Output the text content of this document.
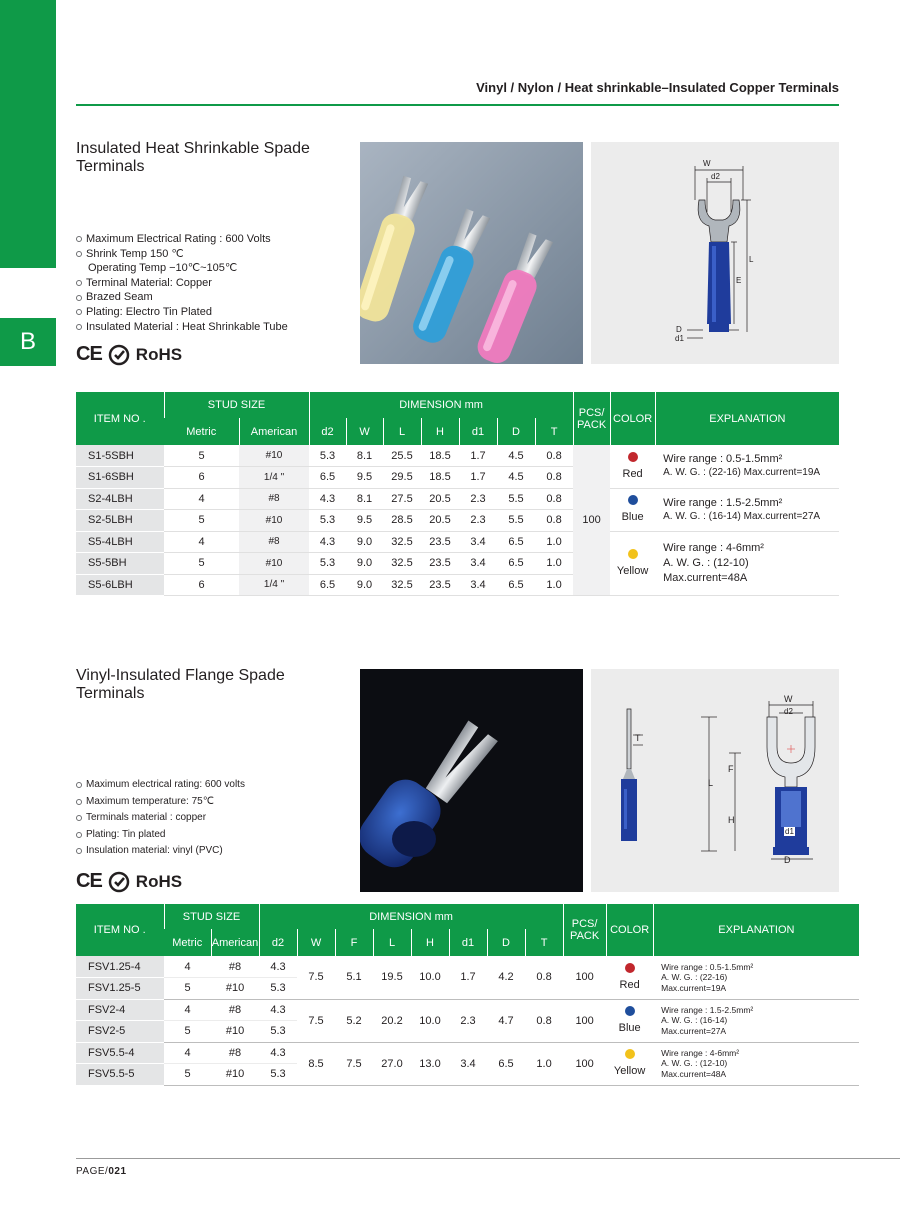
B
Vinyl / Nylon / Heat shrinkable–Insulated Copper Terminals
Insulated Heat Shrinkable Spade Terminals
Maximum Electrical Rating : 600 Volts
Shrink Temp 150 ℃
Operating Temp −10℃~105℃
Terminal Material: Copper
Brazed Seam
Plating: Electro Tin Plated
Insulated Material : Heat Shrinkable Tube
CE RoHS
W
d2
L
E
D
d1
ITEM NO .	STUD SIZE		DIMENSION mm							PCS/
PACK	COLOR	EXPLANATION
	Metric	American	d2	W	L	H	d1	D	T			
S1-5SBH	5	#10	5.3	8.1	25.5	18.5	1.7	4.5	0.8	100	Red	Wire range : 0.5-1.5mm²
A. W. G. : (22-16) Max.current=19A

S1-6SBH	6	1/4 "	6.5	9.5	29.5	18.5	1.7	4.5	0.8			
S2-4LBH	4	#8	4.3	8.1	27.5	20.5	2.3	5.5	0.8		Blue	Wire range : 1.5-2.5mm²
A. W. G. : (16-14) Max.current=27A

S2-5LBH	5	#10	5.3	9.5	28.5	20.5	2.3	5.5	0.8			
S5-4LBH	4	#8	4.3	9.0	32.5	23.5	3.4	6.5	1.0		Yellow	Wire range : 4-6mm²
A. W. G. : (12-10)
Max.current=48A

S5-5BH	5	#10	5.3	9.0	32.5	23.5	3.4	6.5	1.0			
S5-6LBH	6	1/4 "	6.5	9.0	32.5	23.5	3.4	6.5	1.0			
Vinyl-Insulated Flange Spade Terminals
Maximum electrical rating: 600 volts
Maximum temperature: 75℃
Terminals material : copper
Plating: Tin plated
Insulation material: vinyl (PVC)
CE RoHS
T
W
d2
F
L
H
d1
D
ITEM NO .	STUD SIZE		DIMENSION mm								PCS/
PACK	COLOR	EXPLANATION
	Metric	American	d2	W	F	L	H	d1	D	T			
FSV1.25-4	4	#8	4.3	7.5	5.1	19.5	10.0	1.7	4.2	0.8	100	Red	Wire range : 0.5-1.5mm²
A. W. G. : (22-16)
Max.current=19A

FSV1.25-5	5	#10	5.3										
FSV2-4	4	#8	4.3	7.5	5.2	20.2	10.0	2.3	4.7	0.8	100	Blue	Wire range : 1.5-2.5mm²
A. W. G. : (16-14)
Max.current=27A

FSV2-5	5	#10	5.3										
FSV5.5-4	4	#8	4.3	8.5	7.5	27.0	13.0	3.4	6.5	1.0	100	Yellow	Wire range : 4-6mm²
A. W. G. : (12-10)
Max.current=48A

FSV5.5-5	5	#10	5.3										
PAGE/021
